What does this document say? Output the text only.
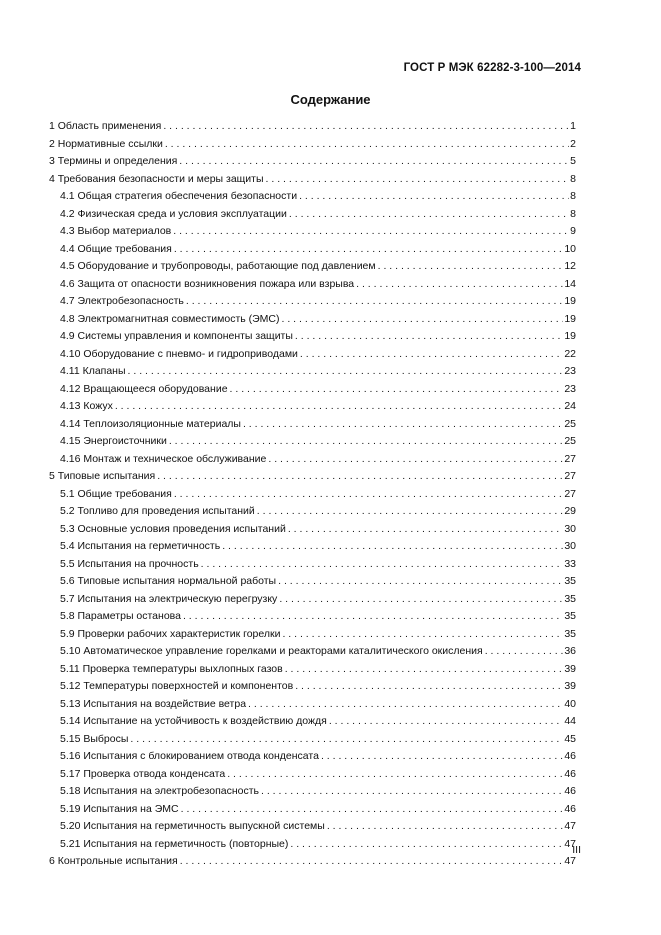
ГОСТ Р МЭК 62282-3-100—2014
Содержание
1 Область применения . . .	1
2 Нормативные ссылки . . .	2
3 Термины и определения . . .	5
4 Требования безопасности и меры защиты . . .	8
4.1 Общая стратегия обеспечения безопасности . . .	8
4.2 Физическая среда и условия эксплуатации . . .	8
4.3 Выбор материалов . . .	9
4.4 Общие требования . . .	10
4.5 Оборудование и трубопроводы, работающие под давлением . . .	12
4.6 Защита от опасности возникновения пожара или взрыва . . .	14
4.7 Электробезопасность . . .	19
4.8 Электромагнитная совместимость (ЭМС) . . .	19
4.9 Системы управления и компоненты защиты . . .	19
4.10 Оборудование с пневмо- и гидроприводами . . .	22
4.11 Клапаны . . .	23
4.12 Вращающееся оборудование . . .	23
4.13 Кожух . . .	24
4.14 Теплоизоляционные материалы . . .	25
4.15 Энергоисточники . . .	25
4.16 Монтаж и техническое обслуживание . . .	27
5 Типовые испытания . . .	27
5.1 Общие требования . . .	27
5.2 Топливо для проведения испытаний . . .	29
5.3 Основные условия проведения испытаний . . .	30
5.4 Испытания на герметичность . . .	30
5.5 Испытания на прочность . . .	33
5.6 Типовые испытания нормальной работы . . .	35
5.7 Испытания на электрическую перегрузку . . .	35
5.8 Параметры останова . . .	35
5.9 Проверки рабочих характеристик горелки . . .	35
5.10 Автоматическое управление горелками и реакторами каталитического окисления . . .	36
5.11 Проверка температуры выхлопных газов . . .	39
5.12 Температуры поверхностей и компонентов . . .	39
5.13 Испытания на воздействие ветра . . .	40
5.14 Испытание на устойчивость к воздействию дождя . . .	44
5.15 Выбросы . . .	45
5.16 Испытания с блокированием отвода конденсата . . .	46
5.17 Проверка отвода конденсата . . .	46
5.18 Испытания на электробезопасность . . .	46
5.19 Испытания на ЭМС . . .	46
5.20 Испытания на герметичность выпускной системы . . .	47
5.21 Испытания на герметичность (повторные) . . .	47
6 Контрольные испытания . . .	47
III
